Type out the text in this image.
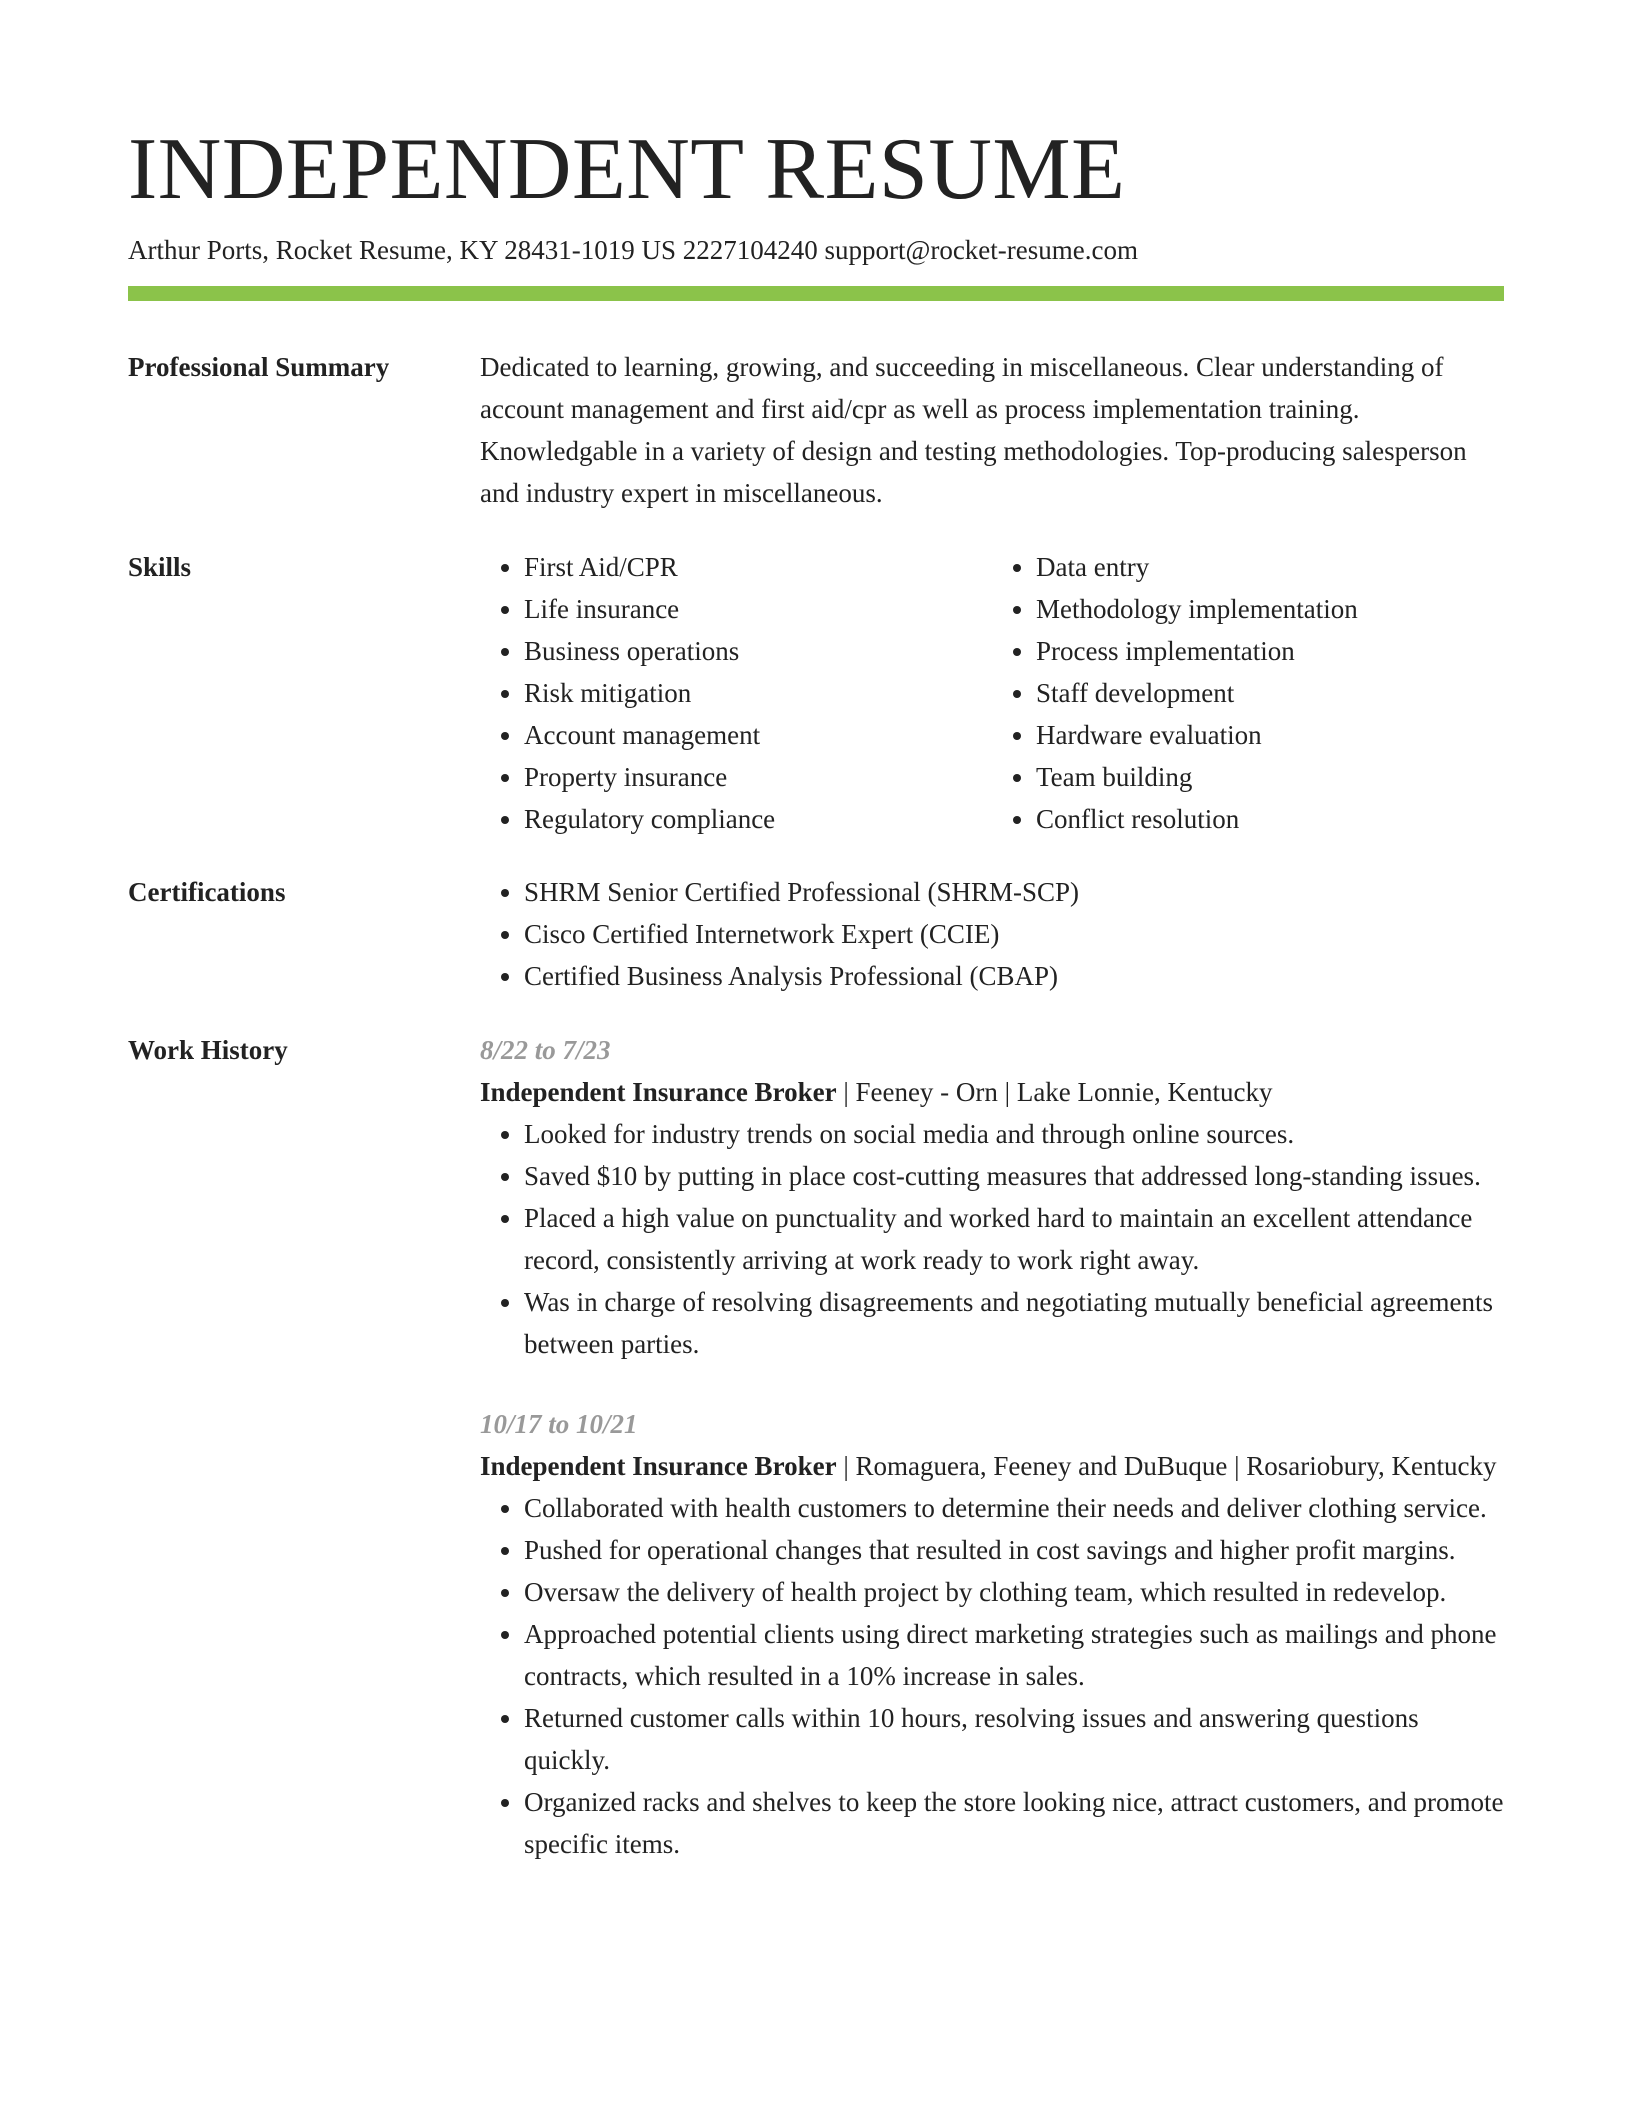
INDEPENDENT RESUME
Arthur Ports, Rocket Resume, KY 28431-1019 US 2227104240 support@rocket-resume.com
Professional Summary	Dedicated to learning, growing, and succeeding in miscellaneous. Clear understanding of account management and first aid/cpr as well as process implementation training. Knowledgable in a variety of design and testing methodologies. Top-producing salesperson and industry expert in miscellaneous.

Skills	• First Aid/CPR
• Life insurance
• Business operations
• Risk mitigation
• Account management
• Property insurance
• Regulatory compliance
• Data entry
• Methodology implementation
• Process implementation
• Staff development
• Hardware evaluation
• Team building
• Conflict resolution
Certifications	• SHRM Senior Certified Professional (SHRM-SCP)
• Cisco Certified Internetwork Expert (CCIE)
• Certified Business Analysis Professional (CBAP)
Work History	8/22 to 7/23
Independent Insurance Broker | Feeney - Orn | Lake Lonnie, Kentucky
• Looked for industry trends on social media and through online sources.
• Saved $10 by putting in place cost-cutting measures that addressed long-standing issues.
• Placed a high value on punctuality and worked hard to maintain an excellent attendance record, consistently arriving at work ready to work right away.
• Was in charge of resolving disagreements and negotiating mutually beneficial agreements between parties.
10/17 to 10/21
Independent Insurance Broker | Romaguera, Feeney and DuBuque | Rosariobury, Kentucky
• Collaborated with health customers to determine their needs and deliver clothing service.
• Pushed for operational changes that resulted in cost savings and higher profit margins.
• Oversaw the delivery of health project by clothing team, which resulted in redevelop.
• Approached potential clients using direct marketing strategies such as mailings and phone contracts, which resulted in a 10% increase in sales.
• Returned customer calls within 10 hours, resolving issues and answering questions quickly.
• Organized racks and shelves to keep the store looking nice, attract customers, and promote specific items.
